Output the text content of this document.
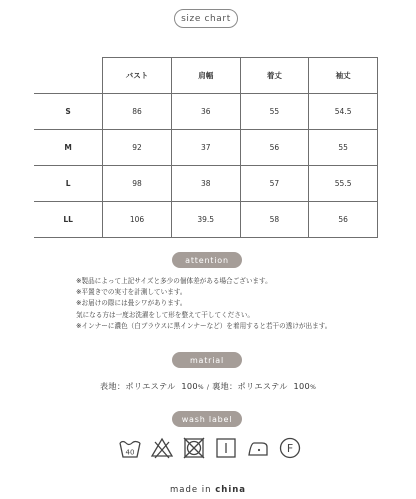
size chart
	バスト	肩幅	着丈	袖丈
S	86	36	55	54.5
M	92	37	56	55
L	98	38	57	55.5
LL	106	39.5	58	56
attention
※製品によって上記サイズと多少の個体差がある場合ございます。
※平置きでの実寸を計測しています。
※お届けの際には畳シワがあります。
気になる方は一度お洗濯をして形を整えて干してください。
※インナーに濃色（白ブラウスに黒インナーなど）を着用すると若干の透けが出ます。
matrial
表地：ポリエステル 100% / 裏地：ポリエステル 100%
wash label
40	F
made in china
